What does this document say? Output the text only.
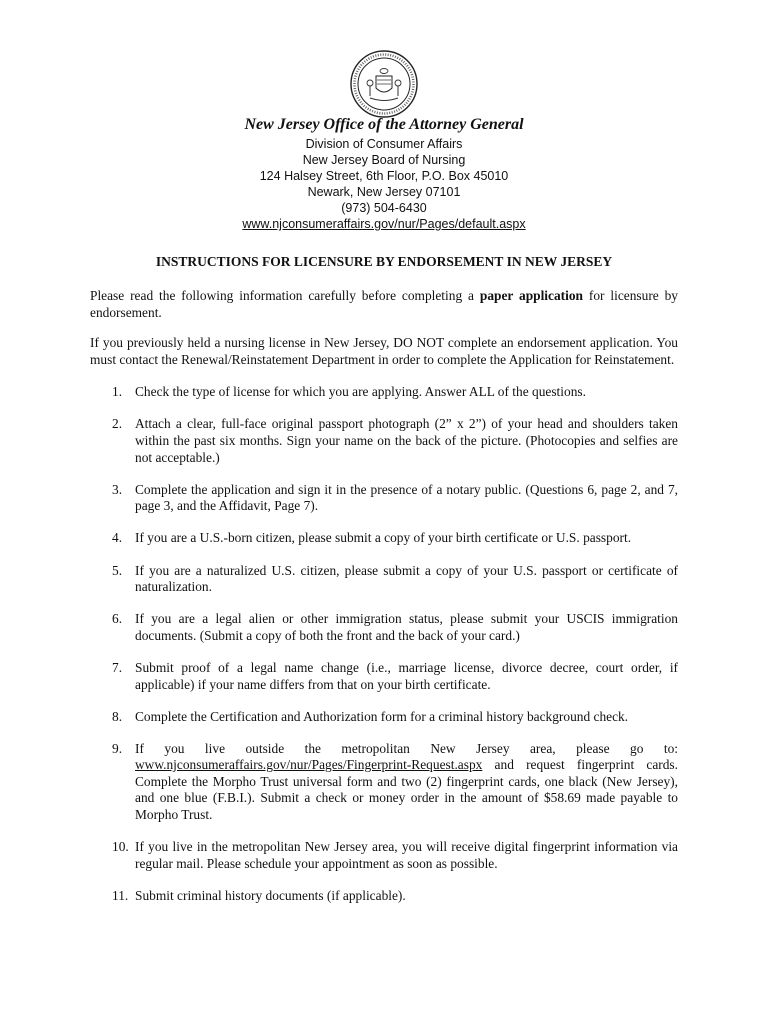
New Jersey Office of the Attorney General
Division of Consumer Affairs
New Jersey Board of Nursing
124 Halsey Street, 6th Floor, P.O. Box 45010
Newark, New Jersey 07101
(973) 504-6430
www.njconsumeraffairs.gov/nur/Pages/default.aspx
INSTRUCTIONS FOR LICENSURE BY ENDORSEMENT IN NEW JERSEY

Please read the following information carefully before completing a paper application for licensure by endorsement.

If you previously held a nursing license in New Jersey, DO NOT complete an endorsement application. You must contact the Renewal/Reinstatement Department in order to complete the Application for Reinstatement.

1. Check the type of license for which you are applying. Answer ALL of the questions.
2. Attach a clear, full-face original passport photograph (2” x 2”) of your head and shoulders taken within the past six months. Sign your name on the back of the picture. (Photocopies and selfies are not acceptable.)
3. Complete the application and sign it in the presence of a notary public. (Questions 6, page 2, and 7, page 3, and the Affidavit, Page 7).
4. If you are a U.S.-born citizen, please submit a copy of your birth certificate or U.S. passport.
5. If you are a naturalized U.S. citizen, please submit a copy of your U.S. passport or certificate of naturalization.
6. If you are a legal alien or other immigration status, please submit your USCIS immigration documents. (Submit a copy of both the front and the back of your card.)
7. Submit proof of a legal name change (i.e., marriage license, divorce decree, court order, if applicable) if your name differs from that on your birth certificate.
8. Complete the Certification and Authorization form for a criminal history background check.
9. If you live outside the metropolitan New Jersey area, please go to: www.njconsumeraffairs.gov/nur/Pages/Fingerprint-Request.aspx and request fingerprint cards. Complete the Morpho Trust universal form and two (2) fingerprint cards, one black (New Jersey), and one blue (F.B.I.). Submit a check or money order in the amount of $58.69 made payable to Morpho Trust.
10. If you live in the metropolitan New Jersey area, you will receive digital fingerprint information via regular mail. Please schedule your appointment as soon as possible.
11. Submit criminal history documents (if applicable).
